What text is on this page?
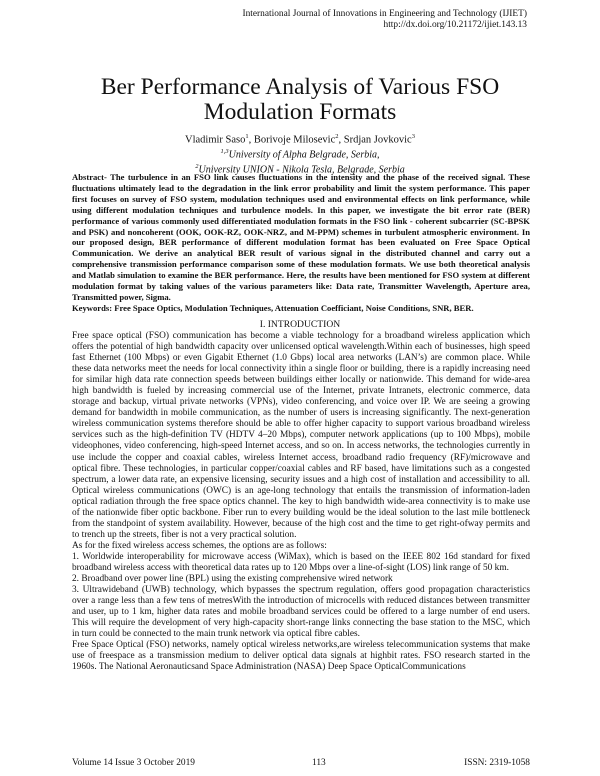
International Journal of Innovations in Engineering and Technology (IJIET)
http://dx.doi.org/10.21172/ijiet.143.13
Ber Performance Analysis of Various FSO
Modulation Formats
Vladimir Saso$^1$, Borivoje Milosevic$^2$, Srdjan Jovkovic$^3$
$^{1,3}$University of Alpha Belgrade, Serbia,
$^2$University UNION - Nikola Tesla, Belgrade, Serbia

Abstract- The turbulence in an FSO link causes fluctuations in the intensity and the phase of the received signal. These fluctuations ultimately lead to the degradation in the link error probability and limit the system performance. This paper first focuses on survey of FSO system, modulation techniques used and environmental effects on link performance, while using different modulation techniques and turbulence models. In this paper, we investigate the bit error rate (BER) performance of various commonly used differentiated modulation formats in the FSO link - coherent subcarrier (SC-BPSK and PSK) and noncoherent (OOK, OOK-RZ, OOK-NRZ, and M-PPM) schemes in turbulent atmospheric environment. In our proposed design, BER performance of different modulation format has been evaluated on Free Space Optical Communication. We derive an analytical BER result of various signal in the distributed channel and carry out a comprehensive transmission performance comparison some of these modulation formats. We use both theoretical analysis and Matlab simulation to examine the BER performance. Here, the results have been mentioned for FSO system at different modulation format by taking values of the various parameters like: Data rate, Transmitter Wavelength, Aperture area, Transmitted power, Sigma.

Keywords: Free Space Optics, Modulation Techniques, Attenuation Coefficiant, Noise Conditions, SNR, BER.

I. INTRODUCTION

Free space optical (FSO) communication has become a viable technology for a broadband wireless application which offers the potential of high bandwidth capacity over unlicensed optical wavelength.Within each of businesses, high speed fast Ethernet (100 Mbps) or even Gigabit Ethernet (1.0 Gbps) local area networks (LAN’s) are common place. While these data networks meet the needs for local connectivity ithin a single floor or building, there is a rapidly increasing need for similar high data rate connection speeds between buildings either locally or nationwide. This demand for wide-area high bandwidth is fueled by increasing commercial use of the Internet, private Intranets, electronic commerce, data storage and backup, virtual private networks (VPNs), video conferencing, and voice over IP. We are seeing a growing demand for bandwidth in mobile communication, as the number of users is increasing significantly. The next-generation wireless communication systems therefore should be able to offer higher capacity to support various broadband wireless services such as the high-definition TV (HDTV 4–20 Mbps), computer network applications (up to 100 Mbps), mobile videophones, video conferencing, high-speed Internet access, and so on. In access networks, the technologies currently in use include the copper and coaxial cables, wireless Internet access, broadband radio frequency (RF)/microwave and optical fibre. These technologies, in particular copper/coaxial cables and RF based, have limitations such as a congested spectrum, a lower data rate, an expensive licensing, security issues and a high cost of installation and accessibility to all. Optical wireless communications (OWC) is an age-long technology that entails the transmission of information-laden optical radiation through the free space optics channel. The key to high bandwidth wide-area connectivity is to make use of the nationwide fiber optic backbone. Fiber run to every building would be the ideal solution to the last mile bottleneck from the standpoint of system availability. However, because of the high cost and the time to get right-ofway permits and to trench up the streets, fiber is not a very practical solution.

As for the fixed wireless access schemes, the options are as follows:

1. Worldwide interoperability for microwave access (WiMax), which is based on the IEEE 802 16d standard for fixed broadband wireless access with theoretical data rates up to 120 Mbps over a line-of-sight (LOS) link range of 50 km.

2. Broadband over power line (BPL) using the existing comprehensive wired network

3. Ultrawideband (UWB) technology, which bypasses the spectrum regulation, offers good propagation characteristics over a range less than a few tens of metresWith the introduction of microcells with reduced distances between transmitter and user, up to 1 km, higher data rates and mobile broadband services could be offered to a large number of end users. This will require the development of very high-capacity short-range links connecting the base station to the MSC, which in turn could be connected to the main trunk network via optical fibre cables.

Free Space Optical (FSO) networks, namely optical wireless networks,are wireless telecommunication systems that make use of freespace as a transmission medium to deliver optical data signals at highbit rates. FSO research started in the 1960s. The National Aeronauticsand Space Administration (NASA) Deep Space OpticalCommunications

Volume 14 Issue 3 October 2019	113	ISSN: 2319-1058
